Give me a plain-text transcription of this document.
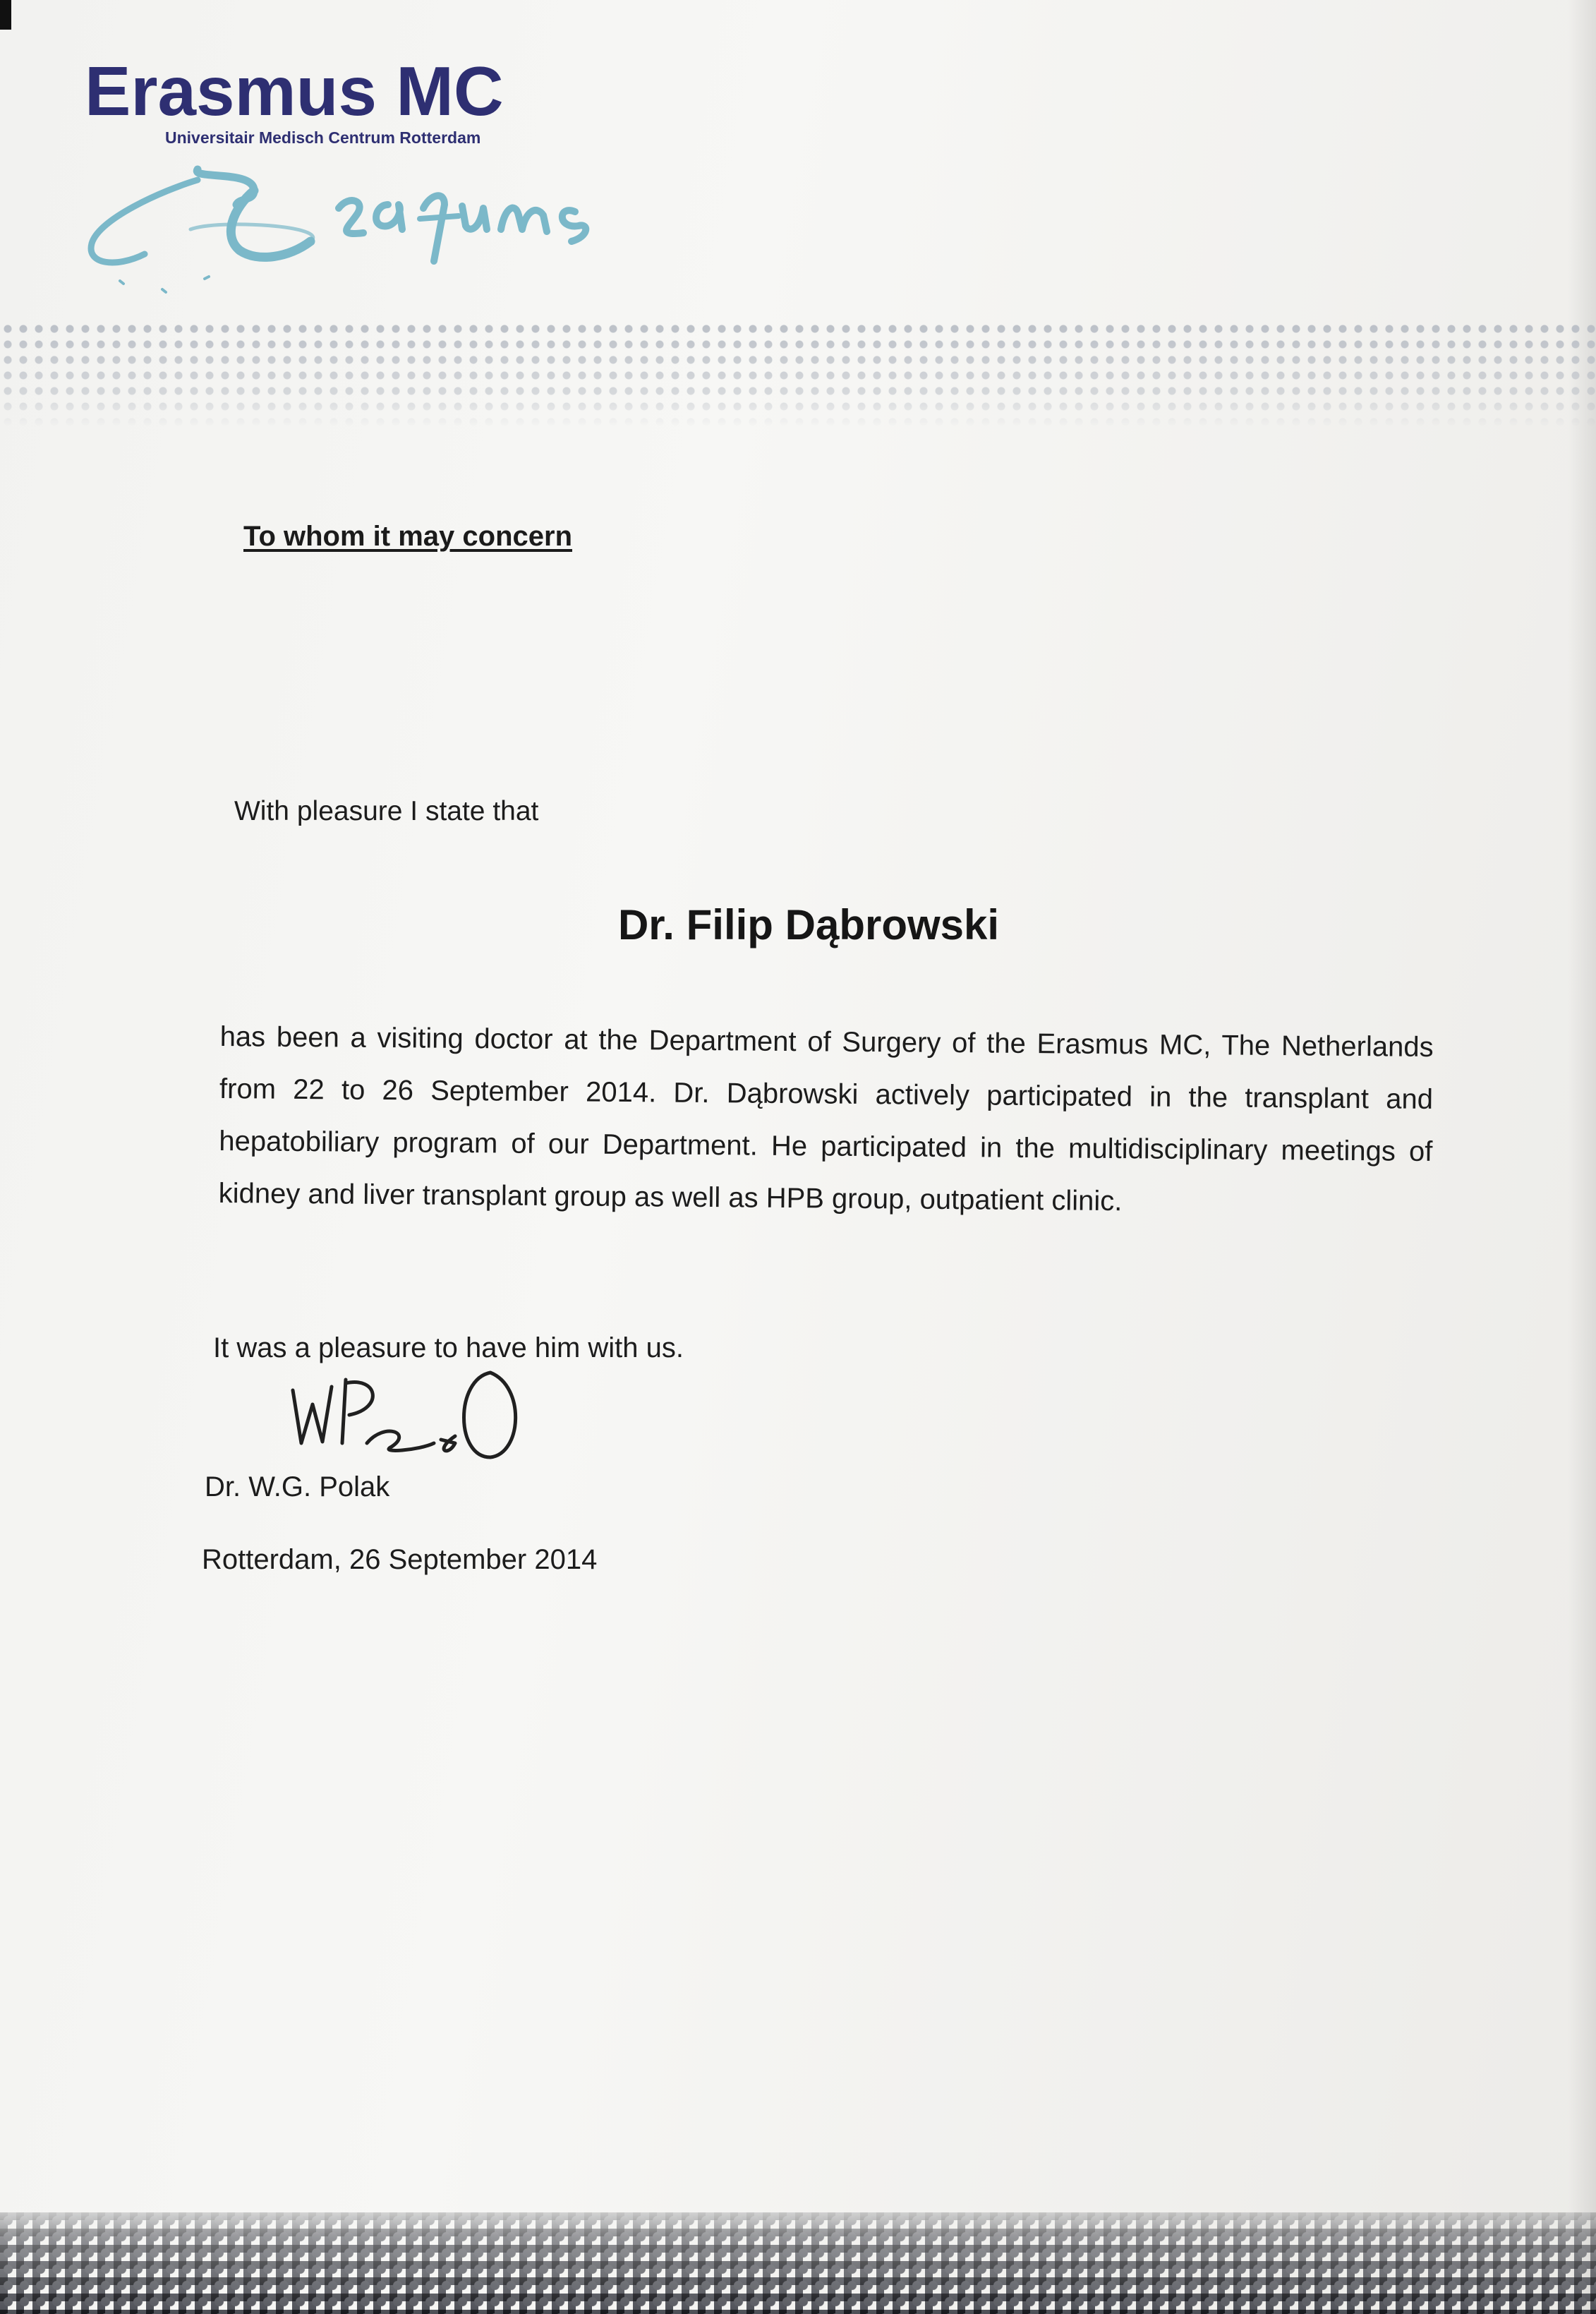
Erasmus MC
Universitair Medisch Centrum Rotterdam
To whom it may concern
With pleasure I state that
Dr. Filip Dąbrowski
has been a visiting doctor at the Department of Surgery of the Erasmus MC, The Netherlands from 22 to 26 September 2014. Dr. Dąbrowski actively participated in the transplant and hepatobiliary program of our Department. He participated in the multidisciplinary meetings of kidney and liver transplant group as well as HPB group, outpatient clinic.
It was a pleasure to have him with us.
Dr. W.G. Polak
Rotterdam, 26 September 2014
